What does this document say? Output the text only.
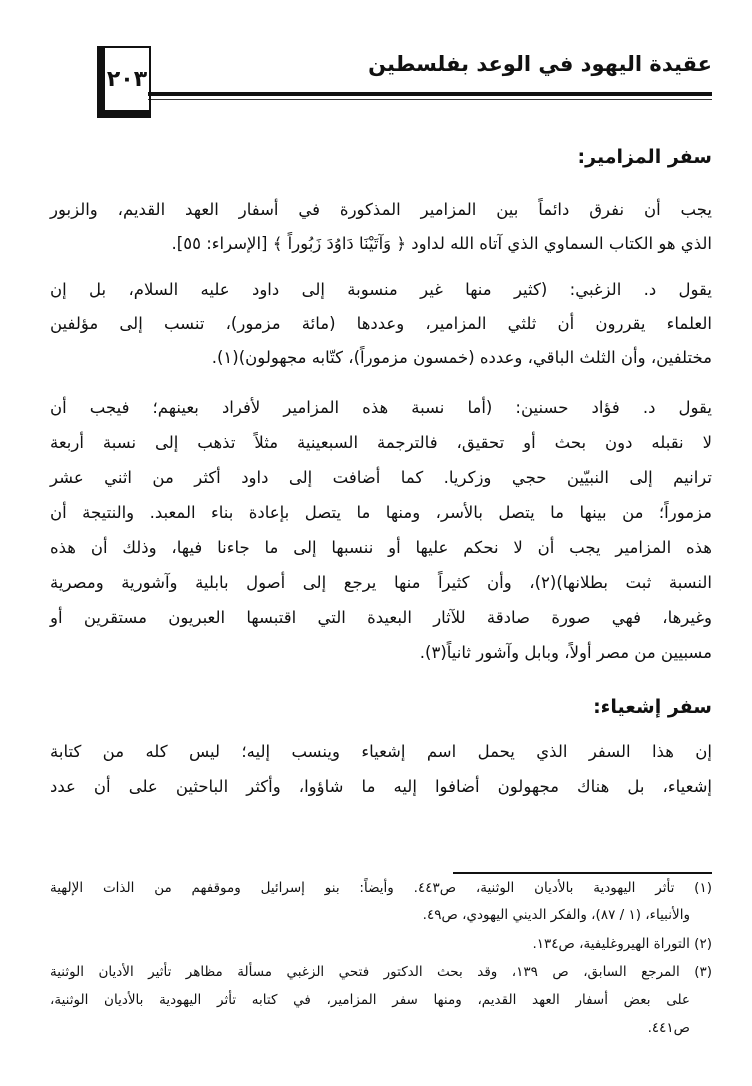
عقيدة اليهود في الوعد بفلسطين
٢٠٣
سفر المزامير:
يجب أن نفرق دائماً بين المزامير المذكورة في أسفار العهد القديم، والزبور
الذي هو الكتاب السماوي الذي آتاه الله لداود ﴿ وَآتَيْنَا دَاوُدَ زَبُوراً ﴾ [الإسراء: ٥٥].
يقول د. الزغبي: (كثير منها غير منسوبة إلى داود عليه السلام، بل إن
العلماء يقررون أن ثلثي المزامير، وعددها (مائة مزمور)، تنسب إلى مؤلفين
مختلفين، وأن الثلث الباقي، وعدده (خمسون مزموراً)، كتّابه مجهولون)(١).
يقول د. فؤاد حسنين: (أما نسبة هذه المزامير لأفراد بعينهم؛ فيجب أن
لا نقبله دون بحث أو تحقيق، فالترجمة السبعينية مثلاً تذهب إلى نسبة أربعة
ترانيم إلى النبيّين حجي وزكريا. كما أضافت إلى داود أكثر من اثني عشر
مزموراً؛ من بينها ما يتصل بالأسر، ومنها ما يتصل بإعادة بناء المعبد. والنتيجة أن
هذه المزامير يجب أن لا نحكم عليها أو ننسبها إلى ما جاءنا فيها، وذلك أن هذه
النسبة ثبت بطلانها)(٢)، وأن كثيراً منها يرجع إلى أصول بابلية وآشورية ومصرية
وغيرها، فهي صورة صادقة للآثار البعيدة التي اقتبسها العبريون مستقرين أو
مسبيين من مصر أولاً، وبابل وآشور ثانياً(٣).
سفر إشعياء:
إن هذا السفر الذي يحمل اسم إشعياء وينسب إليه؛ ليس كله من كتابة
إشعياء، بل هناك مجهولون أضافوا إليه ما شاؤوا، وأكثر الباحثين على أن عدد
(١) تأثر اليهودية بالأديان الوثنية، ص٤٤٣. وأيضاً: بنو إسرائيل وموقفهم من الذات الإلهية
والأنبياء، (١ / ٨٧)، والفكر الديني اليهودي، ص٤٩.
(٢) التوراة الهيروغليفية، ص١٣٤.
(٣) المرجع السابق، ص ١٣٩، وقد بحث الدكتور فتحي الزغبي مسألة مظاهر تأثير الأديان الوثنية
على بعض أسفار العهد القديم، ومنها سفر المزامير، في كتابه تأثر اليهودية بالأديان الوثنية،
ص٤٤١.
